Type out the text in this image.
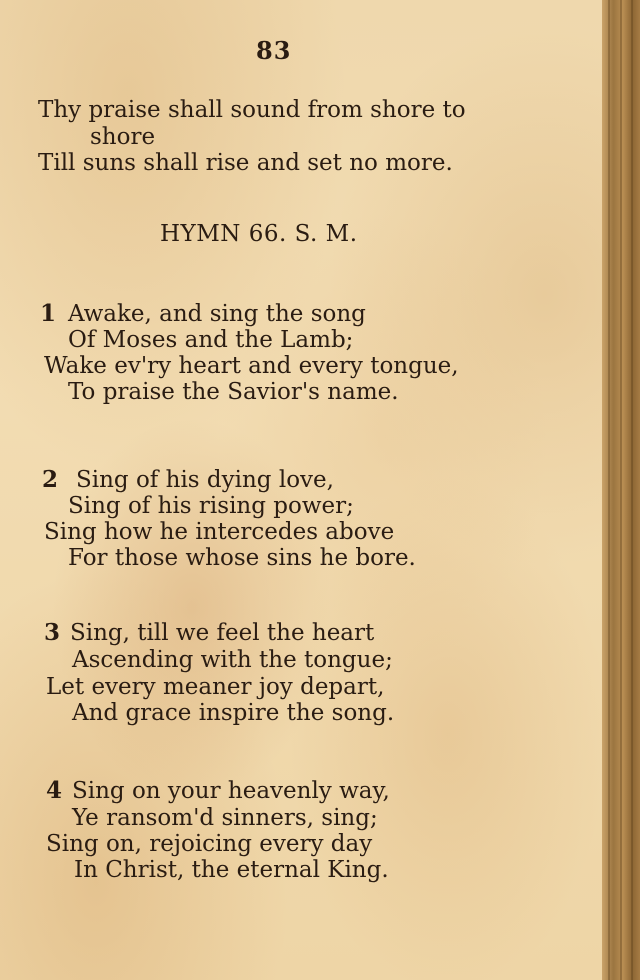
83
Thy praise shall sound from shore to
shore
Till suns shall rise and set no more.
HYMN 66. S. M.
1 Awake, and sing the song
Of Moses and the Lamb;
Wake ev'ry heart and every tongue,
To praise the Savior's name.
2 Sing of his dying love,
Sing of his rising power;
Sing how he intercedes above
For those whose sins he bore.
3 Sing, till we feel the heart
Ascending with the tongue;
Let every meaner joy depart,
And grace inspire the song.
4 Sing on your heavenly way,
Ye ransom'd sinners, sing;
Sing on, rejoicing every day
In Christ, the eternal King.
